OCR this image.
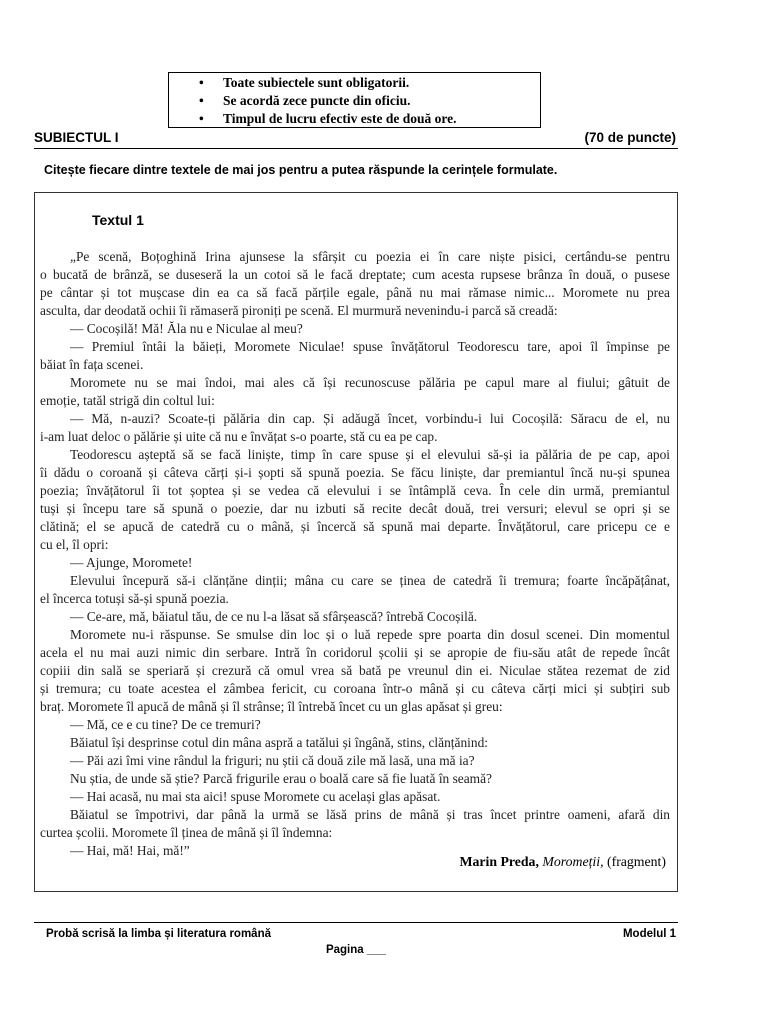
• Toate subiectele sunt obligatorii.
• Se acordă zece puncte din oficiu.
• Timpul de lucru efectiv este de două ore.
SUBIECTUL I	(70 de puncte)
Citește fiecare dintre textele de mai jos pentru a putea răspunde la cerințele formulate.
Textul 1
„Pe scenă, Boțoghină Irina ajunsese la sfârșit cu poezia ei în care niște pisici, certându-se pentru
o bucată de brânză, se duseseră la un cotoi să le facă dreptate; cum acesta rupsese brânza în două, o pusese
pe cântar și tot mușcase din ea ca să facă părțile egale, până nu mai rămase nimic... Moromete nu prea
asculta, dar deodată ochii îi rămaseră pironiți pe scenă. El murmură nevenindu-i parcă să creadă:
— Cocoșilă! Mă! Ăla nu e Niculae al meu?
— Premiul întâi la băieți, Moromete Niculae! spuse învățătorul Teodorescu tare, apoi îl împinse pe
băiat în fața scenei.
Moromete nu se mai îndoi, mai ales că își recunoscuse pălăria pe capul mare al fiului; gâtuit de
emoție, tatăl strigă din coltul lui:
— Mă, n-auzi? Scoate-ți pălăria din cap. Și adăugă încet, vorbindu-i lui Cocoșilă: Săracu de el, nu
i-am luat deloc o pălărie și uite că nu e învățat s-o poarte, stă cu ea pe cap.
Teodorescu așteptă să se facă liniște, timp în care spuse și el elevului să-și ia pălăria de pe cap, apoi
îi dădu o coroană și câteva cărți și-i șopti să spună poezia. Se făcu liniște, dar premiantul încă nu-și spunea
poezia; învățătorul îi tot șoptea și se vedea că elevului i se întâmplă ceva. În cele din urmă, premiantul
tuși și începu tare să spună o poezie, dar nu izbuti să recite decât două, trei versuri; elevul se opri și se
clătină; el se apucă de catedră cu o mână, și încercă să spună mai departe. Învățătorul, care pricepu ce e
cu el, îl opri:
— Ajunge, Moromete!
Elevului începură să-i clănțăne dinții; mâna cu care se ținea de catedră îi tremura; foarte încăpățânat,
el încerca totuși să-și spună poezia.
— Ce-are, mă, băiatul tău, de ce nu l-a lăsat să sfârșească? întrebă Cocoșilă.
Moromete nu-i răspunse. Se smulse din loc și o luă repede spre poarta din dosul scenei. Din momentul
acela el nu mai auzi nimic din serbare. Intră în coridorul școlii și se apropie de fiu-său atât de repede încât
copiii din sală se speriară și crezură că omul vrea să bată pe vreunul din ei. Niculae stătea rezemat de zid
și tremura; cu toate acestea el zâmbea fericit, cu coroana într-o mână și cu câteva cărți mici și subțiri sub
braț. Moromete îl apucă de mână și îl strânse; îl întrebă încet cu un glas apăsat și greu:
— Mă, ce e cu tine? De ce tremuri?
Băiatul își desprinse cotul din mâna aspră a tatălui și îngână, stins, clănțănind:
— Păi azi îmi vine rândul la friguri; nu știi că două zile mă lasă, una mă ia?
Nu știa, de unde să știe? Parcă frigurile erau o boală care să fie luată în seamă?
— Hai acasă, nu mai sta aici! spuse Moromete cu același glas apăsat.
Băiatul se împotrivi, dar până la urmă se lăsă prins de mână și tras încet printre oameni, afară din
curtea școlii. Moromete îl ținea de mână și îl îndemna:
— Hai, mă! Hai, mă!”
Marin Preda, Moromeții, (fragment)
Probă scrisă la limba și literatura română	Modelul 1
Pagina ___
